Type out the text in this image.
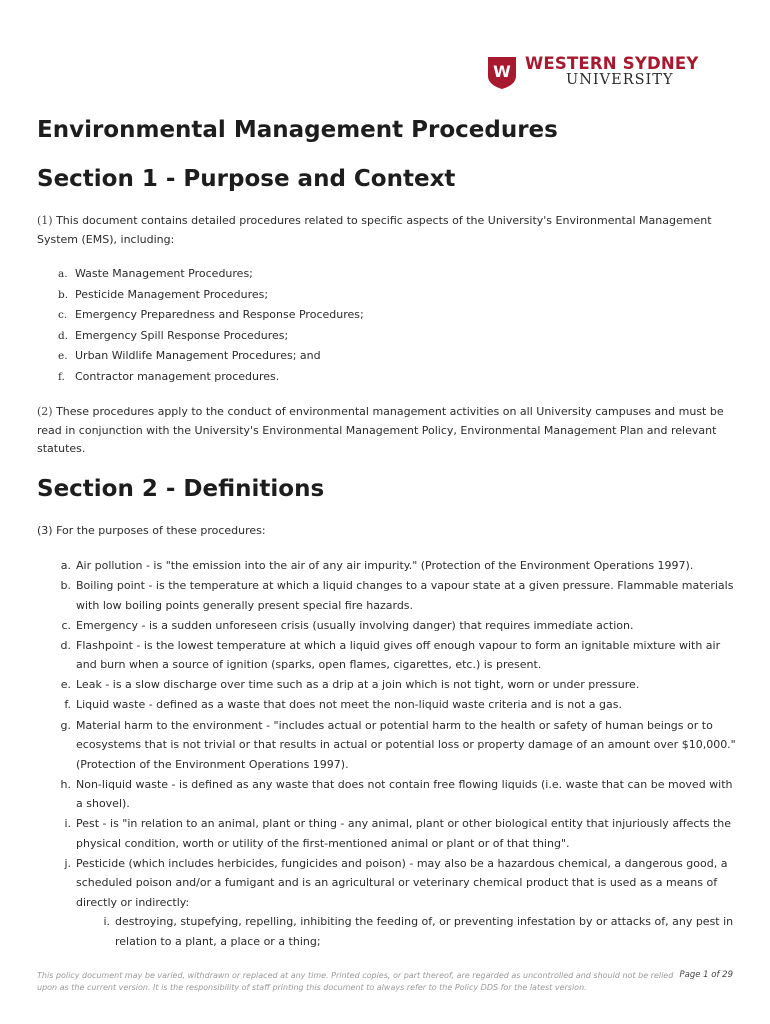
W WESTERN SYDNEY
UNIVERSITY
Environmental Management Procedures
Section 1 - Purpose and Context

(1) This document contains detailed procedures related to specific aspects of the University's Environmental Management System (EMS), including:

a. Waste Management Procedures;
b. Pesticide Management Procedures;
c. Emergency Preparedness and Response Procedures;
d. Emergency Spill Response Procedures;
e. Urban Wildlife Management Procedures; and
f. Contractor management procedures.

(2) These procedures apply to the conduct of environmental management activities on all University campuses and must be read in conjunction with the University's Environmental Management Policy, Environmental Management Plan and relevant statutes.

Section 2 - Definitions

(3) For the purposes of these procedures:

a. Air pollution - is "the emission into the air of any air impurity." (Protection of the Environment Operations 1997).
b. Boiling point - is the temperature at which a liquid changes to a vapour state at a given pressure. Flammable materials with low boiling points generally present special fire hazards.
c. Emergency - is a sudden unforeseen crisis (usually involving danger) that requires immediate action.
d. Flashpoint - is the lowest temperature at which a liquid gives off enough vapour to form an ignitable mixture with air and burn when a source of ignition (sparks, open flames, cigarettes, etc.) is present.
e. Leak - is a slow discharge over time such as a drip at a join which is not tight, worn or under pressure.
f. Liquid waste - defined as a waste that does not meet the non-liquid waste criteria and is not a gas.
g. Material harm to the environment - "includes actual or potential harm to the health or safety of human beings or to ecosystems that is not trivial or that results in actual or potential loss or property damage of an amount over $10,000."(Protection of the Environment Operations 1997).
h. Non-liquid waste - is defined as any waste that does not contain free flowing liquids (i.e. waste that can be moved with a shovel).
i. Pest - is "in relation to an animal, plant or thing - any animal, plant or other biological entity that injuriously affects the physical condition, worth or utility of the first-mentioned animal or plant or of that thing".
j. Pesticide (which includes herbicides, fungicides and poison) - may also be a hazardous chemical, a dangerous good, a scheduled poison and/or a fumigant and is an agricultural or veterinary chemical product that is used as a means of directly or indirectly:
i. destroying, stupefying, repelling, inhibiting the feeding of, or preventing infestation by or attacks of, any pest in relation to a plant, a place or a thing;

This policy document may be varied, withdrawn or replaced at any time. Printed copies, or part thereof, are regarded as uncontrolled and should not be relied upon as the current version. It is the responsibility of staff printing this document to always refer to the Policy DDS for the latest version.

Page 1 of 29
